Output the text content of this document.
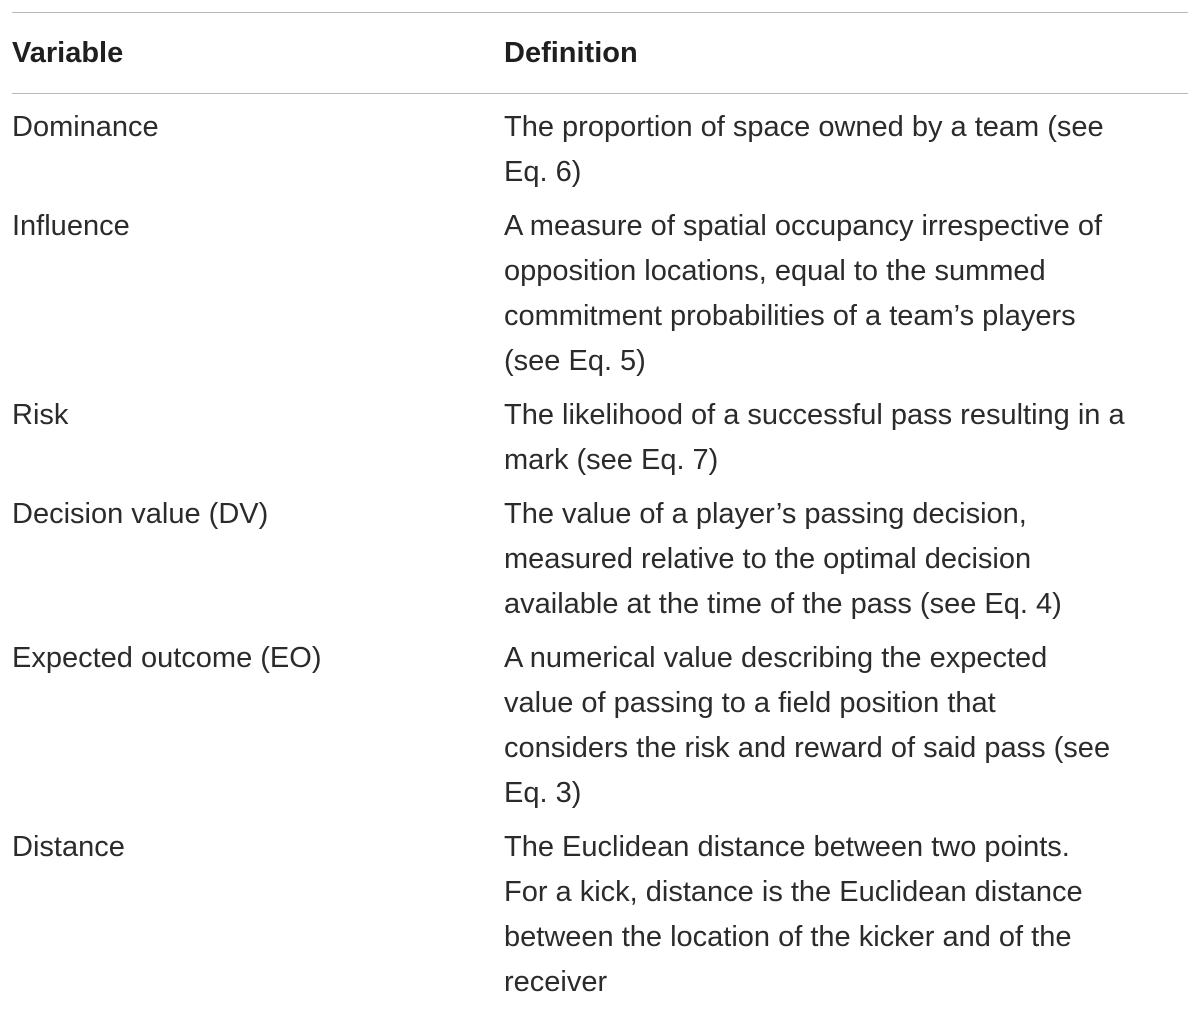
Variable	Definition
Dominance	The proportion of space owned by a team (see
Eq. 6)
Influence	A measure of spatial occupancy irrespective of
opposition locations, equal to the summed
commitment probabilities of a team’s players
(see Eq. 5)
Risk	The likelihood of a successful pass resulting in a
mark (see Eq. 7)
Decision value (DV)	The value of a player’s passing decision,
measured relative to the optimal decision
available at the time of the pass (see Eq. 4)
Expected outcome (EO)	A numerical value describing the expected
value of passing to a field position that
considers the risk and reward of said pass (see
Eq. 3)
Distance	The Euclidean distance between two points.
For a kick, distance is the Euclidean distance
between the location of the kicker and of the
receiver
